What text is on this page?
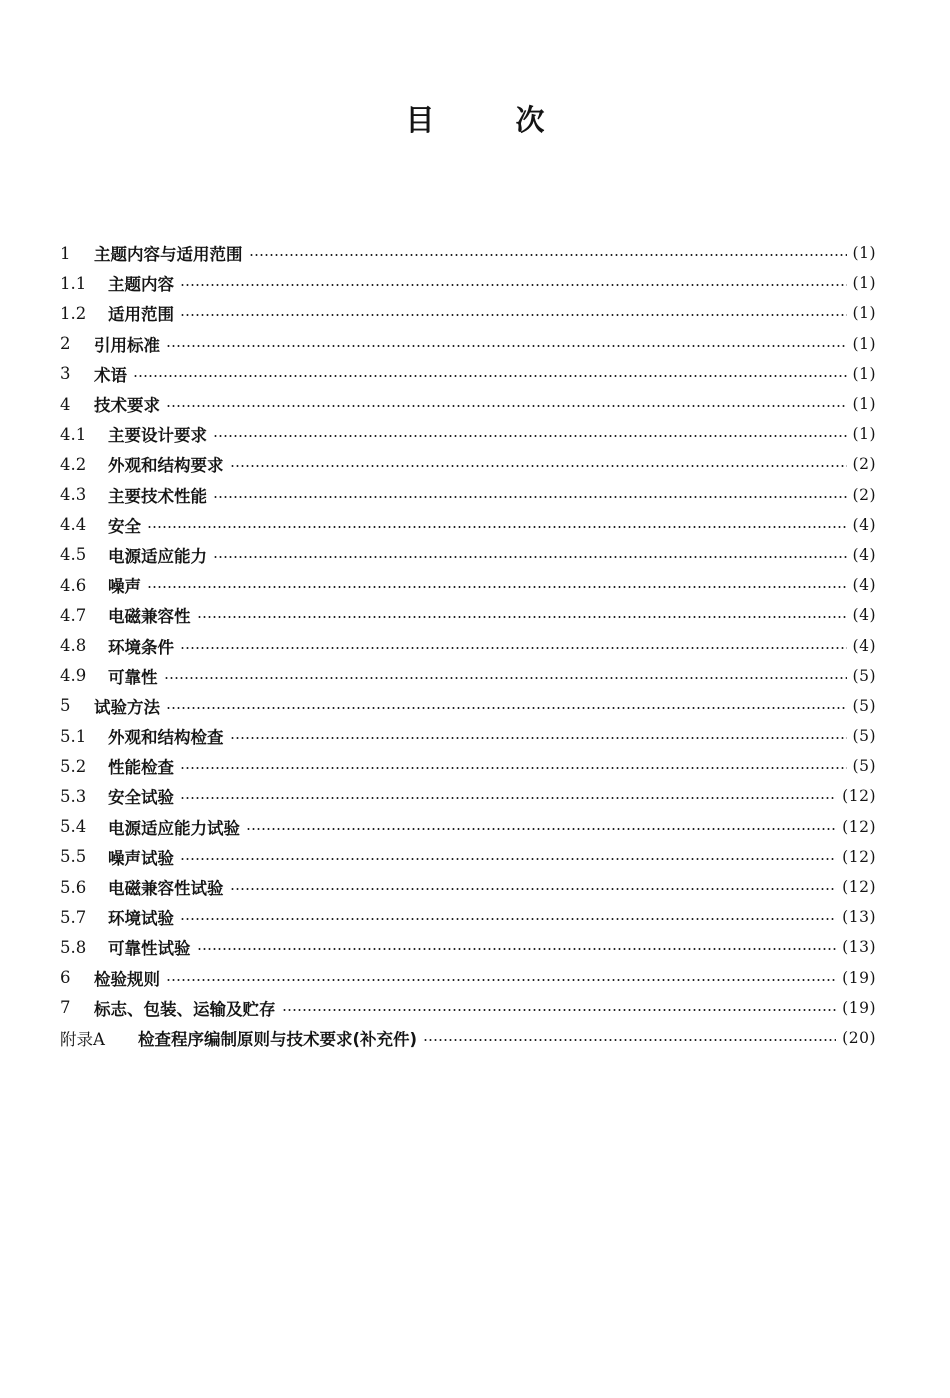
目	次
1	主题内容与适用范围	(1)
1.1	主题内容	(1)
1.2	适用范围	(1)
2	引用标准	(1)
3	术语	(1)
4	技术要求	(1)
4.1	主要设计要求	(1)
4.2	外观和结构要求	(2)
4.3	主要技术性能	(2)
4.4	安全	(4)
4.5	电源适应能力	(4)
4.6	噪声	(4)
4.7	电磁兼容性	(4)
4.8	环境条件	(4)
4.9	可靠性	(5)
5	试验方法	(5)
5.1	外观和结构检查	(5)
5.2	性能检查	(5)
5.3	安全试验	(12)
5.4	电源适应能力试验	(12)
5.5	噪声试验	(12)
5.6	电磁兼容性试验	(12)
5.7	环境试验	(13)
5.8	可靠性试验	(13)
6	检验规则	(19)
7	标志、包装、运输及贮存	(19)
附录A	检查程序编制原则与技术要求(补充件)	(20)
